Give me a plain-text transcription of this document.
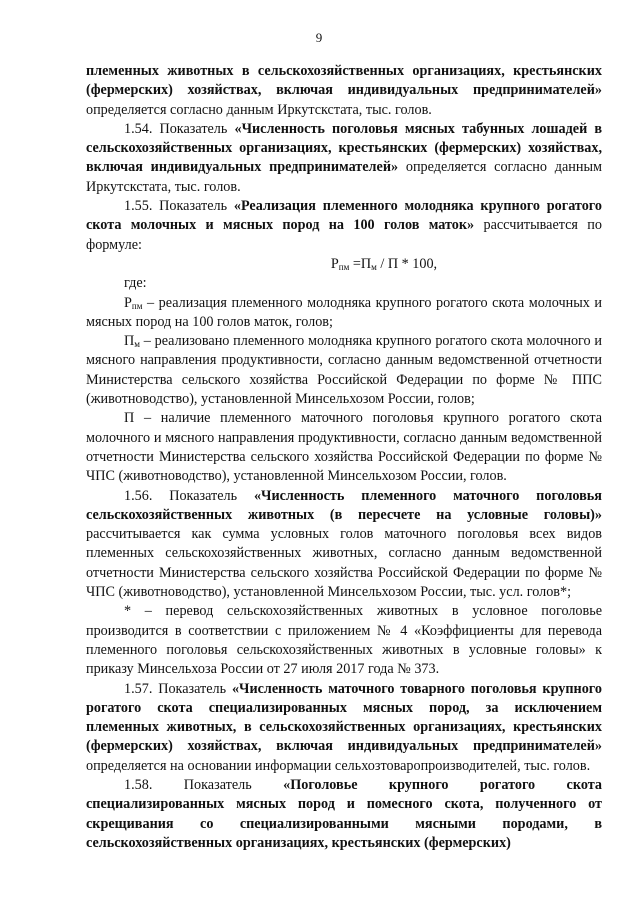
9

племенных животных в сельскохозяйственных организациях, крестьянских (фермерских) хозяйствах, включая индивидуальных предпринимателей» определяется согласно данным Иркутскстата, тыс. голов.

1.54. Показатель «Численность поголовья мясных табунных лошадей в сельскохозяйственных организациях, крестьянских (фермерских) хозяйствах, включая индивидуальных предпринимателей» определяется согласно данным Иркутскстата, тыс. голов.

1.55. Показатель «Реализация племенного молодняка крупного рогатого скота молочных и мясных пород на 100 голов маток» рассчитывается по формуле:

$Р_{пм} =П_м / П * 100$,

где:

$Р_{пм}$ – реализация племенного молодняка крупного рогатого скота молочных и мясных пород на 100 голов маток, голов;

$П_м$ – реализовано племенного молодняка крупного рогатого скота молочного и мясного направления продуктивности, согласно данным ведомственной отчетности Министерства сельского хозяйства Российской Федерации по форме № ППС (животноводство), установленной Минсельхозом России, голов;

П – наличие племенного маточного поголовья крупного рогатого скота молочного и мясного направления продуктивности, согласно данным ведомственной отчетности Министерства сельского хозяйства Российской Федерации по форме № ЧПС (животноводство), установленной Минсельхозом России, голов.

1.56. Показатель «Численность племенного маточного поголовья сельскохозяйственных животных (в пересчете на условные головы)» рассчитывается как сумма условных голов маточного поголовья всех видов племенных сельскохозяйственных животных, согласно данным ведомственной отчетности Министерства сельского хозяйства Российской Федерации по форме № ЧПС (животноводство), установленной Минсельхозом России, тыс. усл. голов*;

* – перевод сельскохозяйственных животных в условное поголовье производится в соответствии с приложением № 4 «Коэффициенты для перевода племенного поголовья сельскохозяйственных животных в условные головы» к приказу Минсельхоза России от 27 июля 2017 года № 373.

1.57. Показатель «Численность маточного товарного поголовья крупного рогатого скота специализированных мясных пород, за исключением племенных животных, в сельскохозяйственных организациях, крестьянских (фермерских) хозяйствах, включая индивидуальных предпринимателей» определяется на основании информации сельхозтоваропроизводителей, тыс. голов.

1.58. Показатель «Поголовье крупного рогатого скота специализированных мясных пород и помесного скота, полученного от скрещивания со специализированными мясными породами, в сельскохозяйственных организациях, крестьянских (фермерских)
